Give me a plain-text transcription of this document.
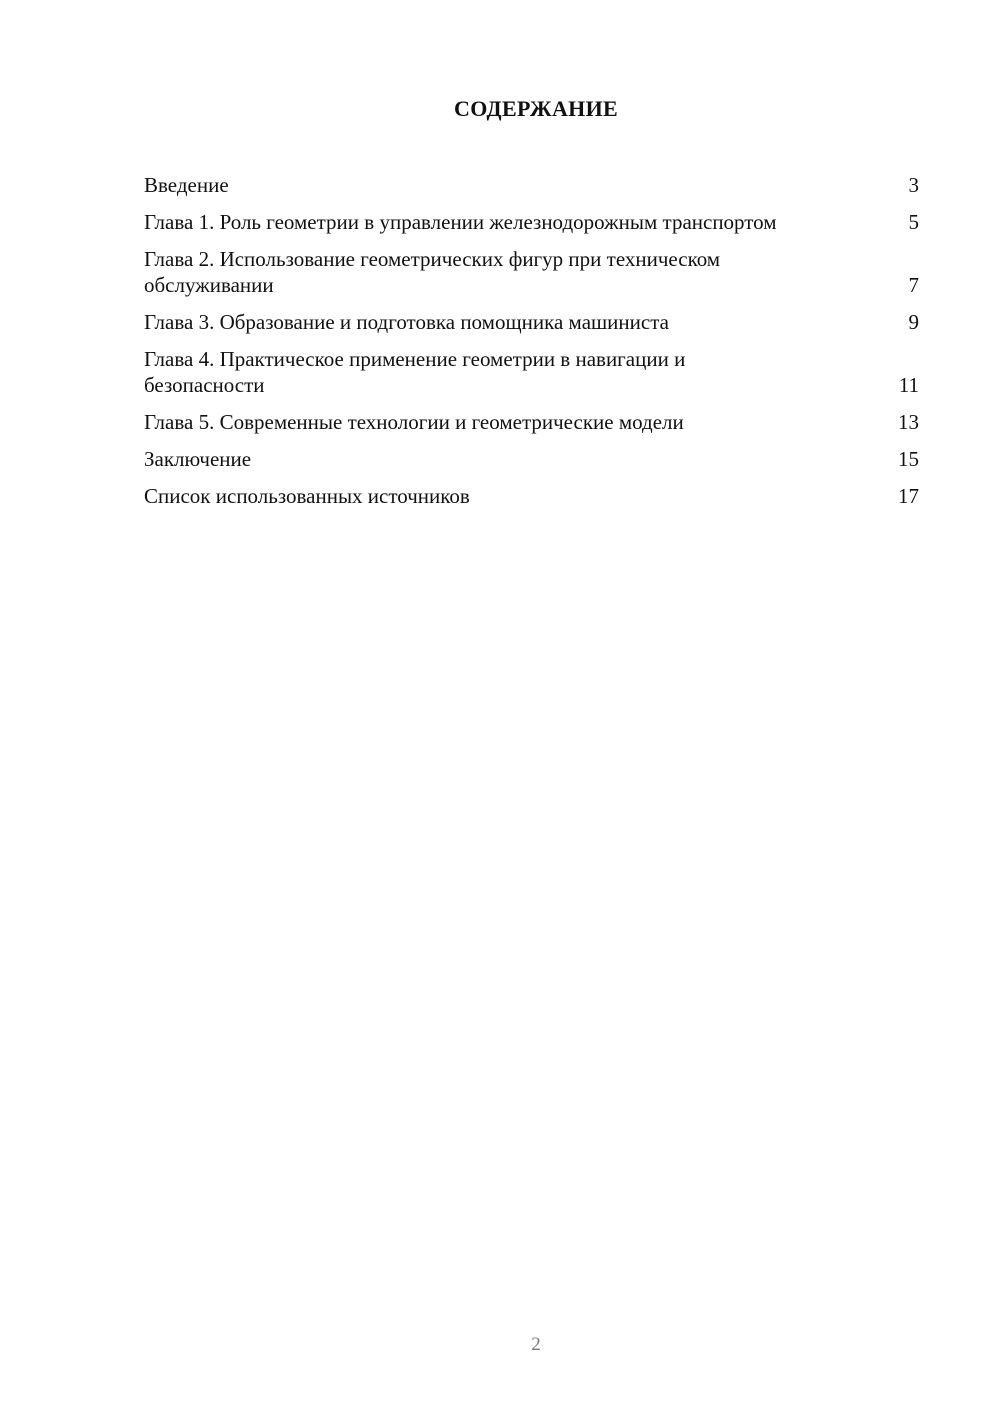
СОДЕРЖАНИЕ
Введение	3
Глава 1. Роль геометрии в управлении железнодорожным транспортом	5
Глава 2. Использование геометрических фигур при техническом обслуживании	7
Глава 3. Образование и подготовка помощника машиниста	9
Глава 4. Практическое применение геометрии в навигации и безопасности	11
Глава 5. Современные технологии и геометрические модели	13
Заключение	15
Список использованных источников	17
2
